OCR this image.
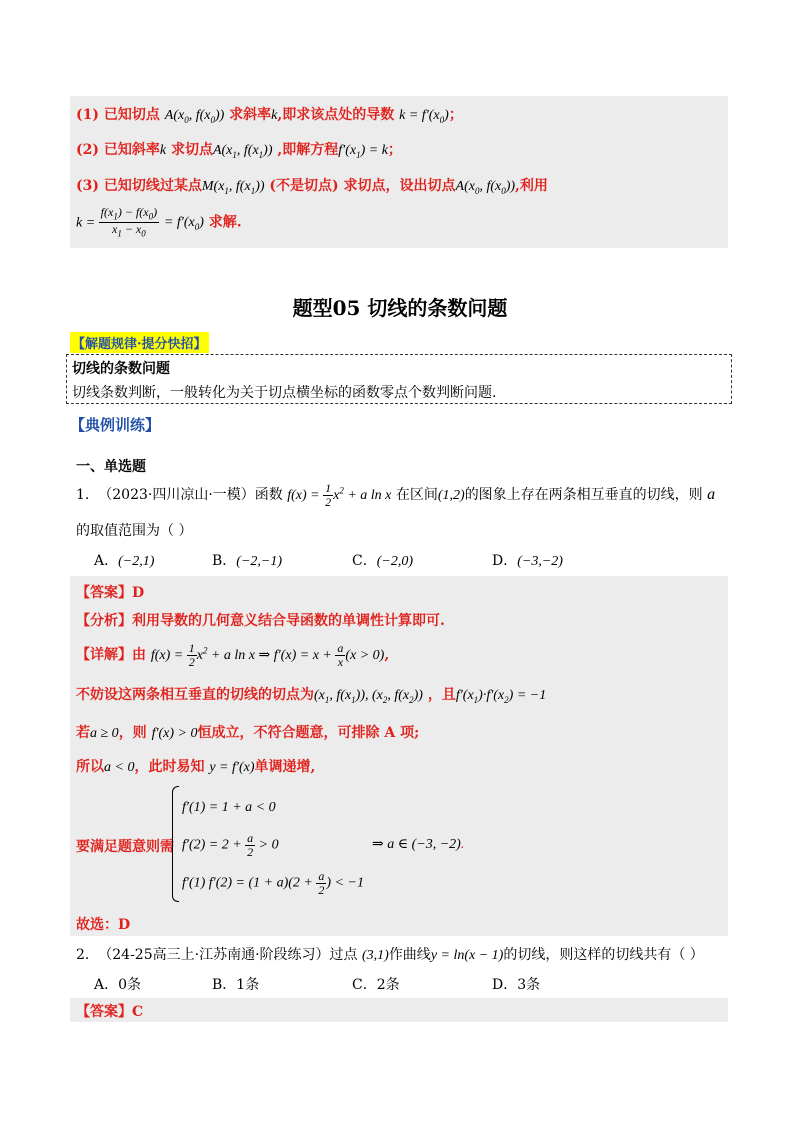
(1) 已知切点 $A(x_0$, $f(x_0)$) 求斜率k,即求该点处的导数 $k = f'(x_0)$；
(2) 已知斜率k 求切点$A(x_1$, $f(x_1)$) ,即解方程$f'(x_1) = k$；
(3) 已知切线过某点$M(x_1$, $f(x_1)$) (不是切点) 求切点，设出切点$A(x_0$, $f(x_0)$),利用
$k = \frac{f(x_1) - f(x_0)}{x_1 - x_0} = f'(x_0)$ 求解.
题型05 切线的条数问题
【解题规律·提分快招】
切线的条数问题
切线条数判断，一般转化为关于切点横坐标的函数零点个数判断问题.
【典例训练】
一、单选题
1. （2023·四川凉山·一模）函数 $f(x) = \frac{1}{2} x^2 + a$ ln x 在区间(1,2)的图象上存在两条相互垂直的切线，则 a
的取值范围为（ ）
A．(−2,1)	B．(−2,−1)	C．(−2,0)	D．(−3,−2)
【答案】D
【分析】利用导数的几何意义结合导函数的单调性计算即可.
【详解】由 $f(x) = \frac{1}{2} x^2 + a$ ln x ⇒ $f'(x) = x + \frac{a}{x} (x > 0)$,
不妨设这两条相互垂直的切线的切点为($x_1$, $f(x_1)$), ($x_2$, $f(x_2)$) ，且$f'(x_1)\cdot f'(x_2) = -1$
若a ≥ 0，则 f′(x) > 0恒成立，不符合题意，可排除 A 项;
所以a < 0，此时易知 y = f′(x)单调递增,
要满足题意则需
f′(1) = 1 + a < 0
$f'(2) = 2 + \frac{a}{2} > 0$
f′(1) $f'(2) = (1 + a)(2 + \frac{a}{2}$ ) < −1
⇒ a ∈ (−3, −2).
故选：D
2. （24-25高三上·江苏南通·阶段练习）过点 (3,1)作曲线y = ln(x − 1)的切线，则这样的切线共有（ ）
A．0条	B．1条	C．2条	D．3条
【答案】C
